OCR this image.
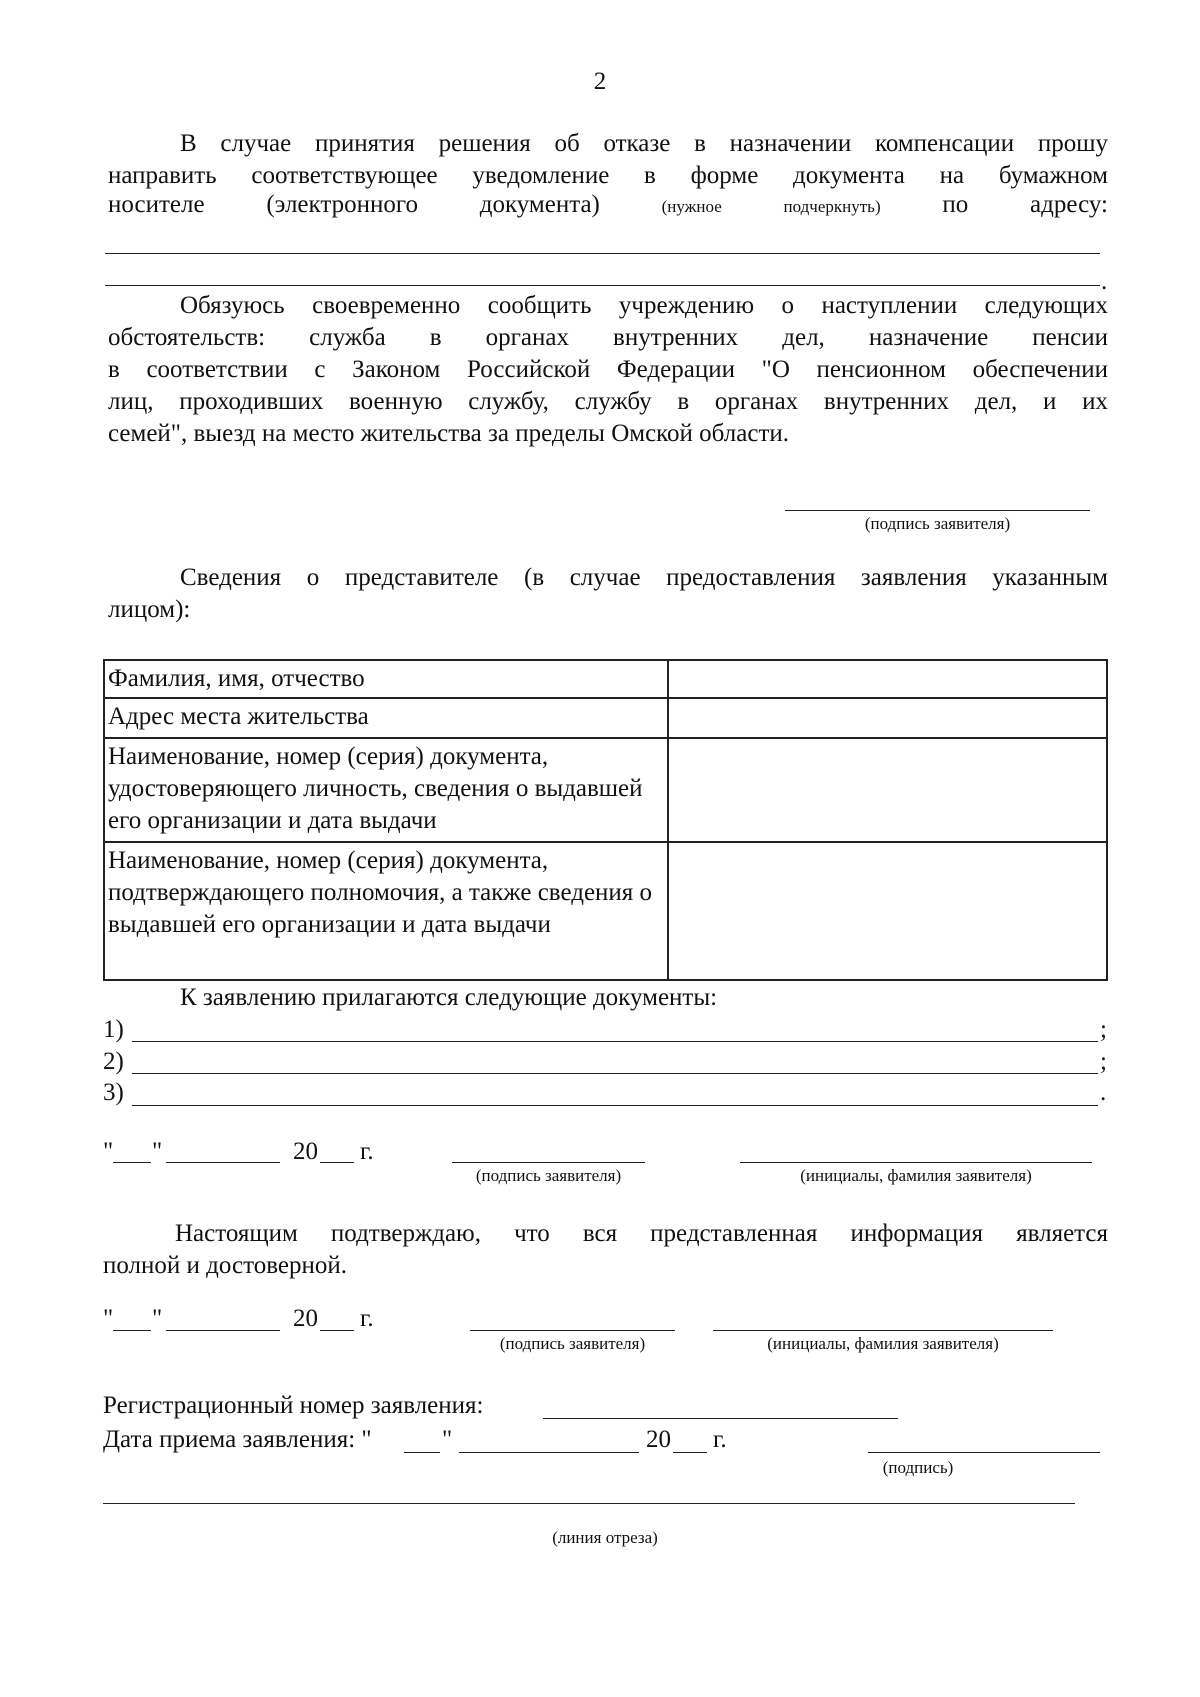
2
В случае принятия решения об отказе в назначении компенсации прошу
направить соответствующее уведомление в форме документа на бумажном
носителе (электронного документа)	(нужное	подчеркнуть) по адресу:
.
Обязуюсь своевременно сообщить учреждению о наступлении следующих
обстоятельств: служба в органах внутренних дел, назначение пенсии
в соответствии с Законом Российской Федерации "О пенсионном обеспечении
лиц, проходивших военную службу, службу в органах внутренних дел, и их
семей", выезд на место жительства за пределы Омской области.
(подпись заявителя)
Сведения о представителе (в случае предоставления заявления указанным
лицом):
Фамилия, имя, отчество	
Адрес места жительства	
Наименование, номер (серия) документа, удостоверяющего личность, сведения о выдавшей его организации и дата выдачи	
Наименование, номер (серия) документа, подтверждающего полномочия, а также сведения о выдавшей его организации и дата выдачи	
К заявлению прилагаются следующие документы:
1)	;
2)	;
3)	.
" "	20 г.
(подпись заявителя)	(инициалы, фамилия заявителя)
Настоящим подтверждаю, что вся представленная информация является
полной и достоверной.
" "	20 г.
(подпись заявителя)	(инициалы, фамилия заявителя)
Регистрационный номер заявления:
Дата приема заявления: "	"	20 г.
(подпись)
(линия отреза)
